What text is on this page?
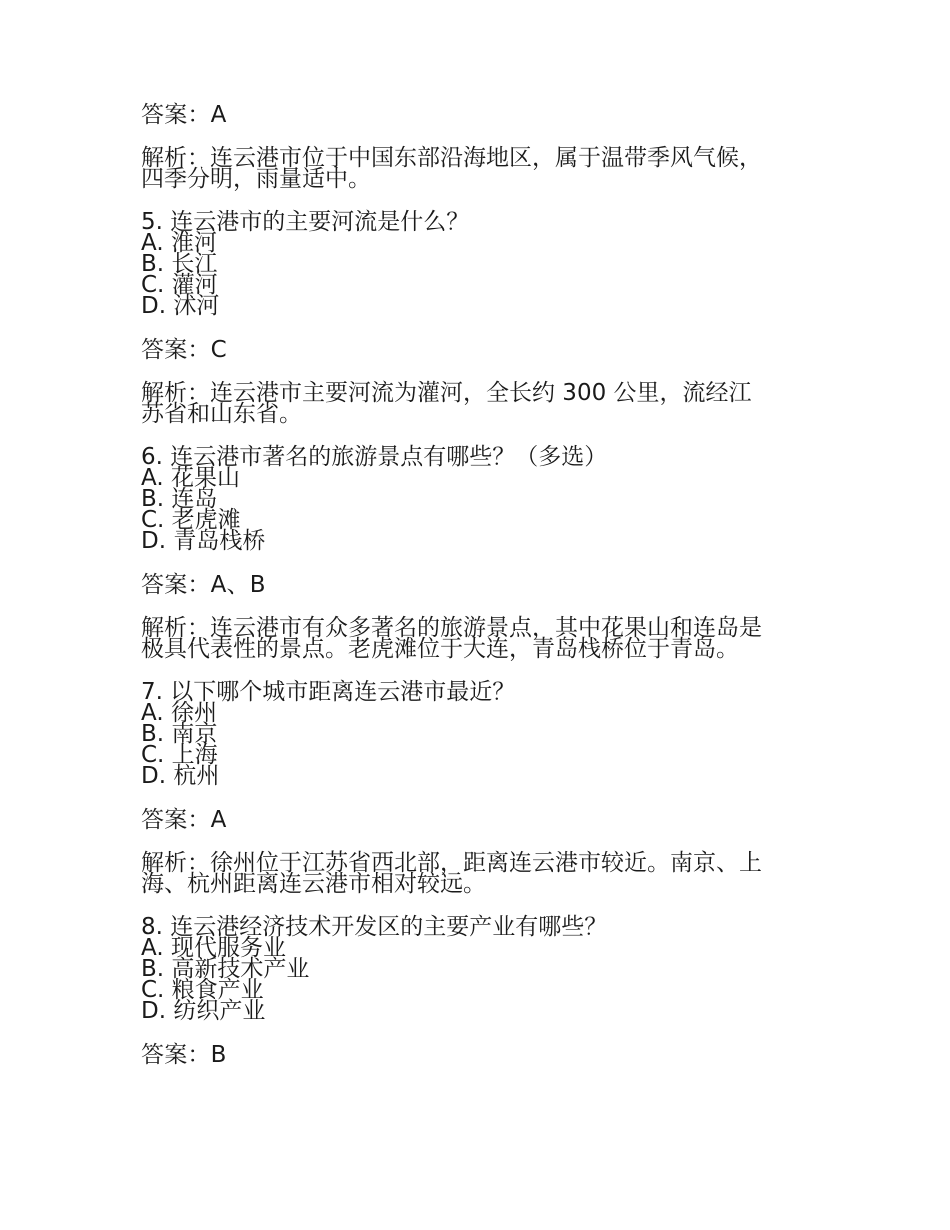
答案：A
解析：连云港市位于中国东部沿海地区，属于温带季风气候，
四季分明，雨量适中。
5. 连云港市的主要河流是什么？
A. 淮河
B. 长江
C. 灌河
D. 沭河
答案：C
解析：连云港市主要河流为灌河，全长约 300 公里，流经江
苏省和山东省。
6. 连云港市著名的旅游景点有哪些？（多选）
A. 花果山
B. 连岛
C. 老虎滩
D. 青岛栈桥
答案：A、B
解析：连云港市有众多著名的旅游景点，其中花果山和连岛是
极具代表性的景点。老虎滩位于大连，青岛栈桥位于青岛。
7. 以下哪个城市距离连云港市最近？
A. 徐州
B. 南京
C. 上海
D. 杭州
答案：A
解析：徐州位于江苏省西北部，距离连云港市较近。南京、上
海、杭州距离连云港市相对较远。
8. 连云港经济技术开发区的主要产业有哪些？
A. 现代服务业
B. 高新技术产业
C. 粮食产业
D. 纺织产业
答案：B
